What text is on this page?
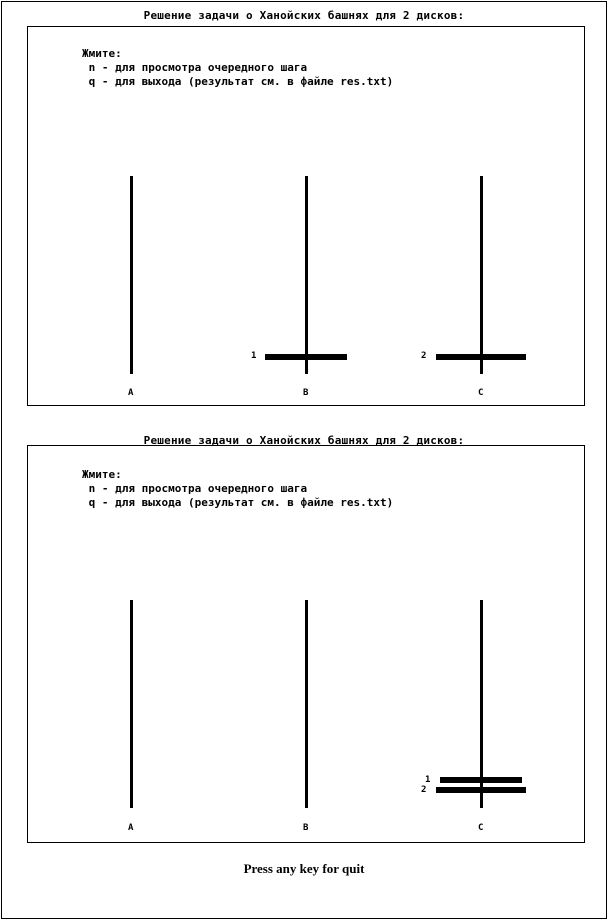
Решение задачи о Ханойских башнях для 2 дисков:
Жмите:
n - для просмотра очередного шага
q - для выхода (результат см. в файле res.txt)
1	2
A	B	C
Решение задачи о Ханойских башнях для 2 дисков:
Жмите:
n - для просмотра очередного шага
q - для выхода (результат см. в файле res.txt)
1
2
A	B	C
Press any key for quit
